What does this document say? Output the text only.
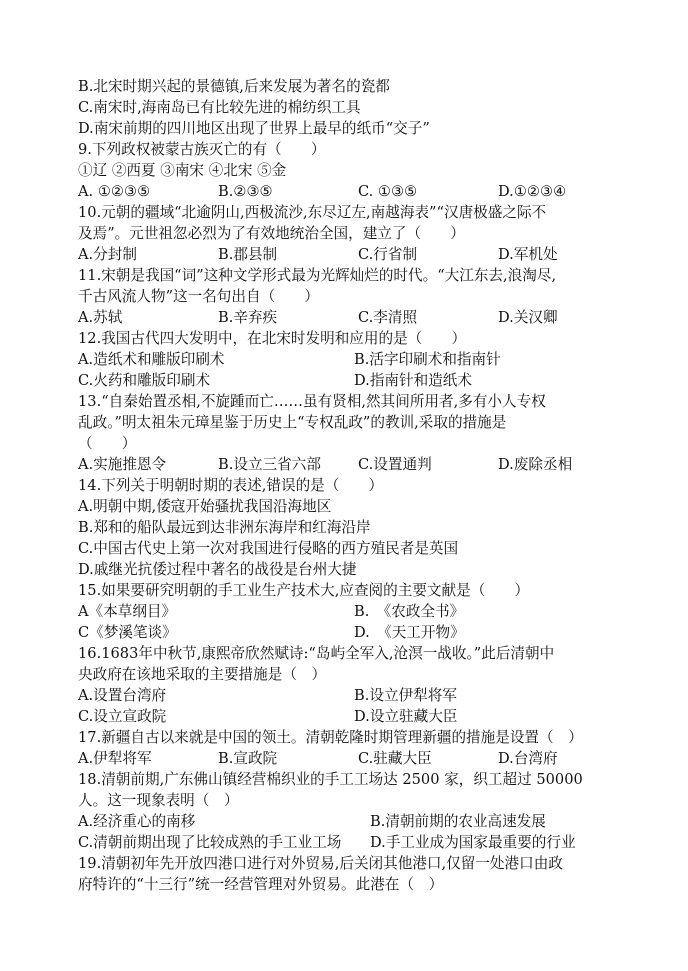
B.北宋时期兴起的景德镇,后来发展为著名的瓷都
C.南宋时,海南岛已有比较先进的棉纺织工具
D.南宋前期的四川地区出现了世界上最早的纸币“交子”
9.下列政权被蒙古族灭亡的有（　　）
①辽 ②西夏 ③南宋 ④北宋 ⑤金
A. ①②③⑤	B.②③⑤	C. ①③⑤	D.①②③④
10.元朝的疆域“北逾阴山,西极流沙,东尽辽左,南越海表”“汉唐极盛之际不
及焉”。元世祖忽必烈为了有效地统治全国，建立了（　　）
A.分封制	B.郡县制	C.行省制	D.军机处
11.宋朝是我国“词”这种文学形式最为光辉灿烂的时代。“大江东去,浪淘尽,
千古风流人物”这一名句出自（　　）
A.苏轼	B.辛弃疾	C.李清照	D.关汉卿
12.我国古代四大发明中，在北宋时发明和应用的是（　　）
A.造纸术和雕版印刷术	B.活字印刷术和指南针
C.火药和雕版印刷术	D.指南针和造纸术
13.“自秦始置丞相,不旋踵而亡……虽有贤相,然其间所用者,多有小人专权
乱政。”明太祖朱元璋星鉴于历史上“专权乱政”的教训,采取的措施是
（　　）
A.实施推恩令	B.设立三省六部	C.设置通判	D.废除丞相
14.下列关于明朝时期的表述,错误的是（　　）
A.明朝中期,倭寇开始骚扰我国沿海地区
B.郑和的船队最远到达非洲东海岸和红海沿岸
C.中国古代史上第一次对我国进行侵略的西方殖民者是英国
D.戚继光抗倭过程中著名的战役是台州大捷
15.如果要研究明朝的手工业生产技术大,应查阅的主要文献是（　　）
A《本草纲目》	B.　《农政全书》
C《梦溪笔谈》	D.　《天工开物》
16.1683年中秋节,康熙帝欣然赋诗:“岛屿全军入,沧溟一战收。”此后清朝中
央政府在该地采取的主要措施是（　）
A.设置台湾府	B.设立伊犁将军
C.设立宣政院	D.设立驻藏大臣
17.新疆自古以来就是中国的领土。清朝乾隆时期管理新疆的措施是设置（　）
A.伊犁将军	B.宣政院	C.驻藏大臣	D.台湾府
18.清朝前期,广东佛山镇经营棉织业的手工工场达 2500 家，织工超过 50000
人。这一现象表明（　）
A.经济重心的南移	B.清朝前期的农业高速发展
C.清朝前期出现了比较成熟的手工业工场 D.手工业成为国家最重要的行业
19.清朝初年先开放四港口进行对外贸易,后关闭其他港口,仅留一处港口由政
府特许的“十三行”统一经营管理对外贸易。此港在（　）
